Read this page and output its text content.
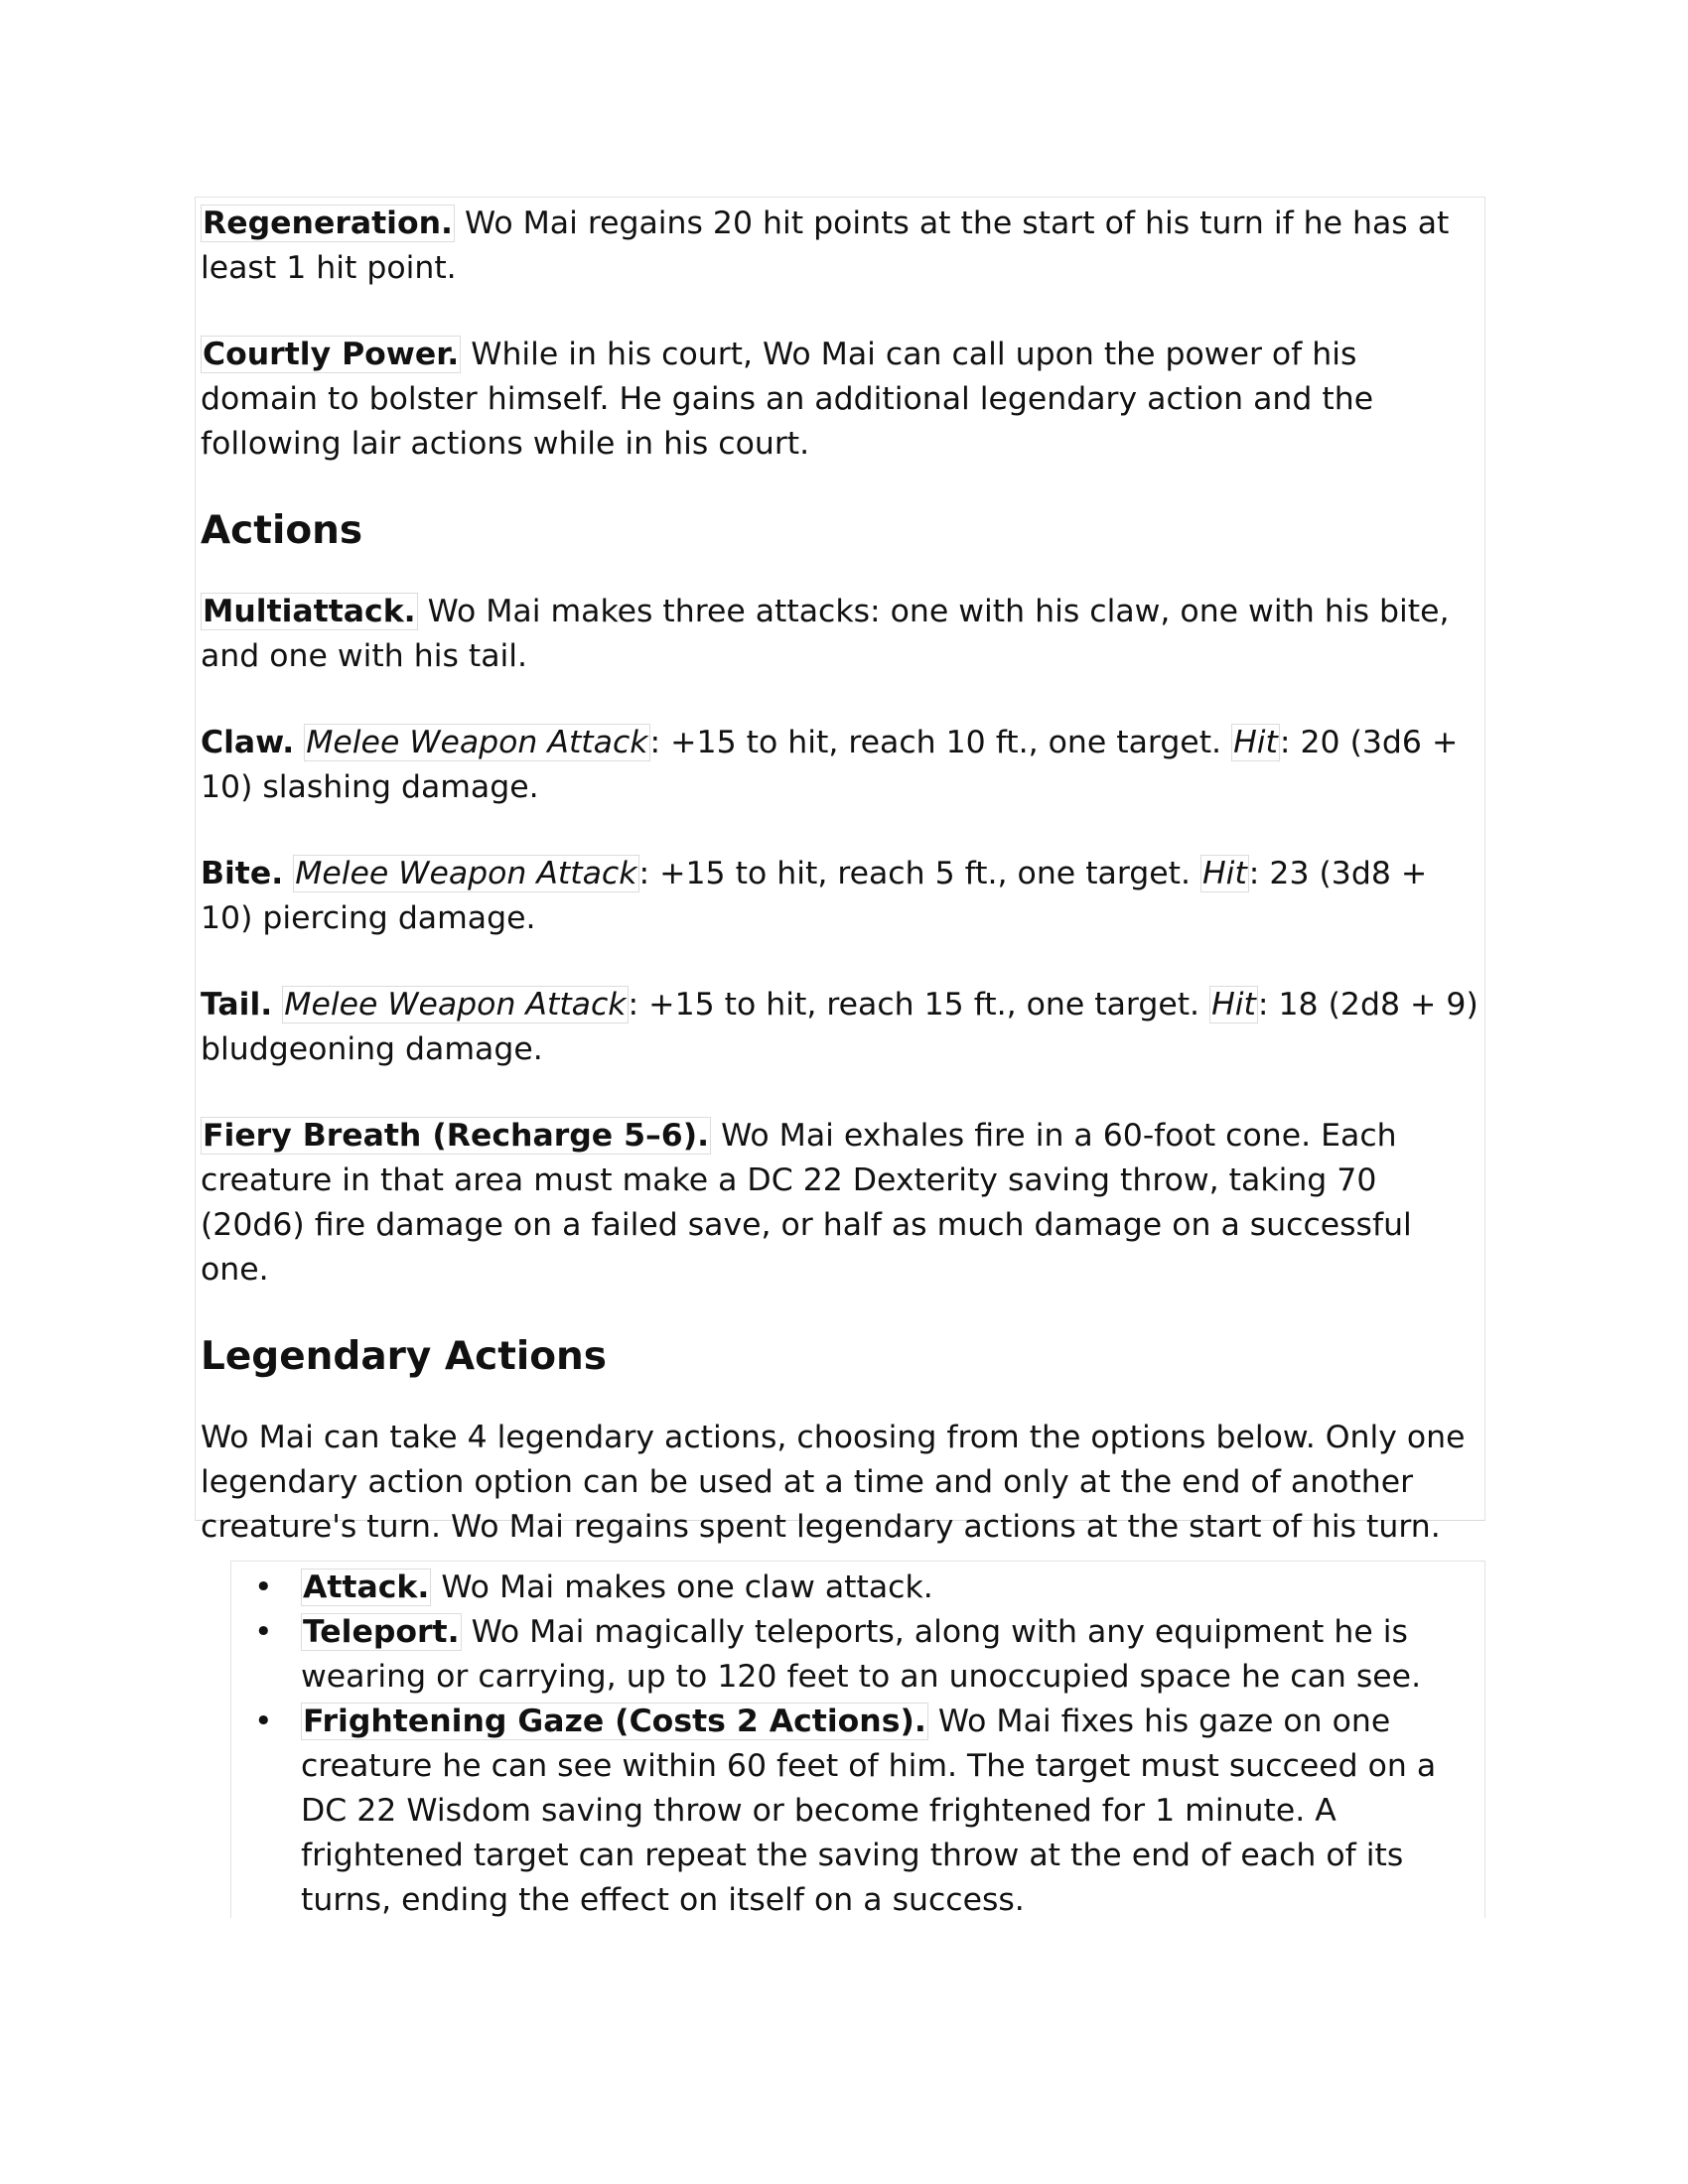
Regeneration. Wo Mai regains 20 hit points at the start of his turn if he has at least 1 hit point.

Courtly Power. While in his court, Wo Mai can call upon the power of his domain to bolster himself. He gains an additional legendary action and the following lair actions while in his court.

Actions

Multiattack. Wo Mai makes three attacks: one with his claw, one with his bite, and one with his tail.

Claw. Melee Weapon Attack: +15 to hit, reach 10 ft., one target. Hit: 20 (3d6 + 10) slashing damage.

Bite. Melee Weapon Attack: +15 to hit, reach 5 ft., one target. Hit: 23 (3d8 + 10) piercing damage.

Tail. Melee Weapon Attack: +15 to hit, reach 15 ft., one target. Hit: 18 (2d8 + 9) bludgeoning damage.

Fiery Breath (Recharge 5–6). Wo Mai exhales fire in a 60-foot cone. Each creature in that area must make a DC 22 Dexterity saving throw, taking 70 (20d6) fire damage on a failed save, or half as much damage on a successful one.

Legendary Actions

Wo Mai can take 4 legendary actions, choosing from the options below. Only one legendary action option can be used at a time and only at the end of another creature's turn. Wo Mai regains spent legendary actions at the start of his turn.

• Attack. Wo Mai makes one claw attack.
• Teleport. Wo Mai magically teleports, along with any equipment he is wearing or carrying, up to 120 feet to an unoccupied space he can see.
• Frightening Gaze (Costs 2 Actions). Wo Mai fixes his gaze on one creature he can see within 60 feet of him. The target must succeed on a DC 22 Wisdom saving throw or become frightened for 1 minute. A frightened target can repeat the saving throw at the end of each of its turns, ending the effect on itself on a success.
